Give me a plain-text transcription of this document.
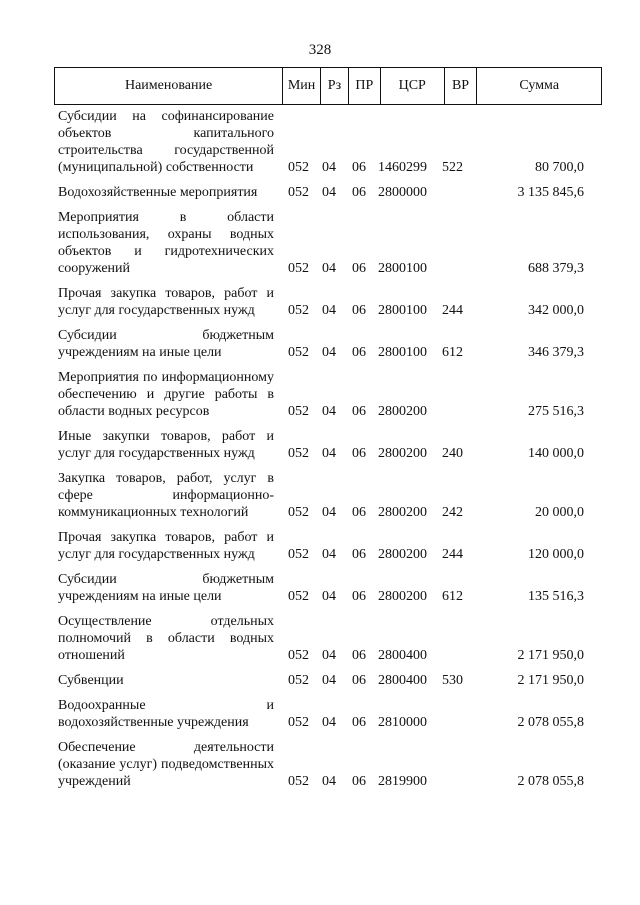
328
Наименование	Мин Рз	ПР	ЦСР	ВР	Сумма
Субсидии на софинансирование объектов капитального строительства государственной (муниципальной) собственности	052 04	06 1460299	522	80 700,0
Водохозяйственные мероприятия	052 04	06 2800000	3 135 845,6
Мероприятия в области использования, охраны водных объектов и гидротехнических сооружений	052 04	06 2800100	688 379,3
Прочая закупка товаров, работ и услуг для государственных нужд	052 04	06 2800100	244	342 000,0
Субсидии бюджетным учреждениям на иные цели	052 04	06 2800100	612	346 379,3
Мероприятия по информационному обеспечению и другие работы в области водных ресурсов	052 04	06 2800200	275 516,3
Иные закупки товаров, работ и услуг для государственных нужд	052 04	06 2800200	240	140 000,0
Закупка товаров, работ, услуг в сфере информационно-коммуникационных технологий	052 04	06 2800200	242	20 000,0
Прочая закупка товаров, работ и услуг для государственных нужд	052 04	06 2800200	244	120 000,0
Субсидии бюджетным учреждениям на иные цели	052 04	06 2800200	612	135 516,3
Осуществление отдельных полномочий в области водных отношений	052 04	06 2800400	2 171 950,0
Субвенции	052 04	06 2800400	530	2 171 950,0
Водоохранные и водохозяйственные учреждения	052 04	06 2810000	2 078 055,8
Обеспечение деятельности (оказание услуг) подведомственных учреждений	052 04	06 2819900	2 078 055,8
